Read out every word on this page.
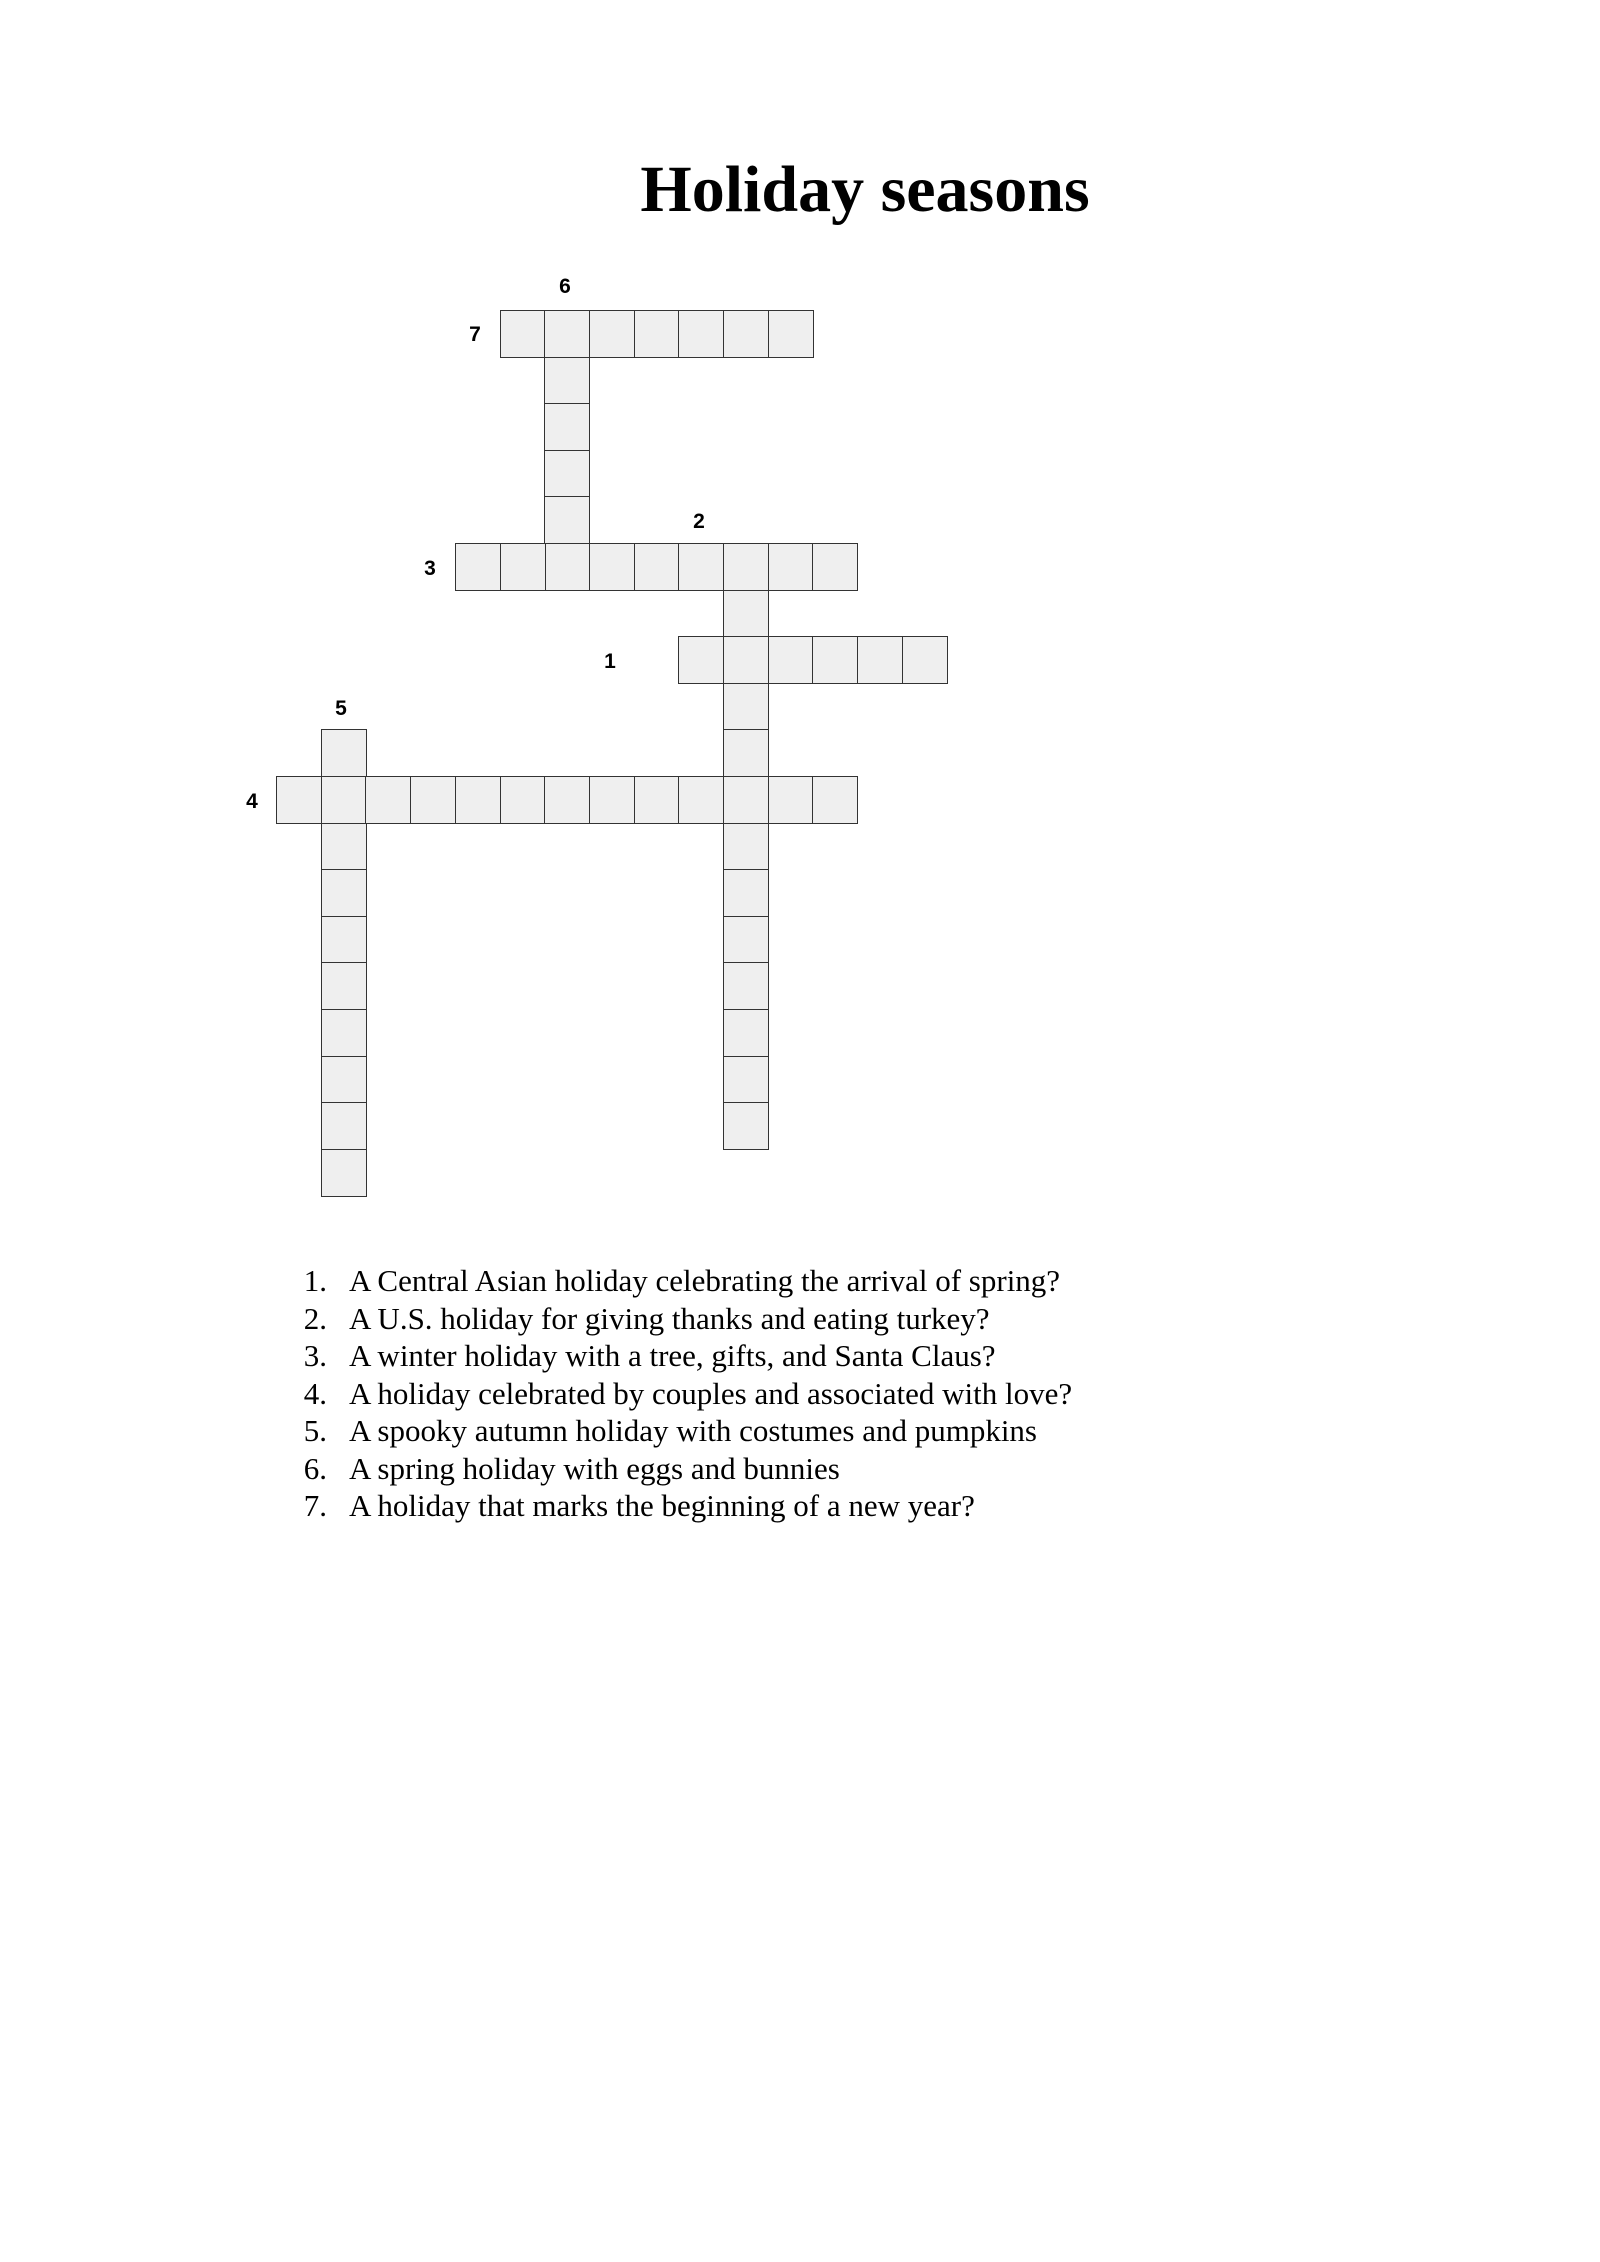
Holiday seasons
6
7
2
3
1
5
4
1 . A Central Asian holiday celebrating the arrival of spring?
2 . A U.S. holiday for giving thanks and eating turkey?
3 . A winter holiday with a tree, gifts, and Santa Claus?
4 . A holiday celebrated by couples and associated with love?
5 . A spooky autumn holiday with costumes and pumpkins
6 . A spring holiday with eggs and bunnies
7 . A holiday that marks the beginning of a new year?
